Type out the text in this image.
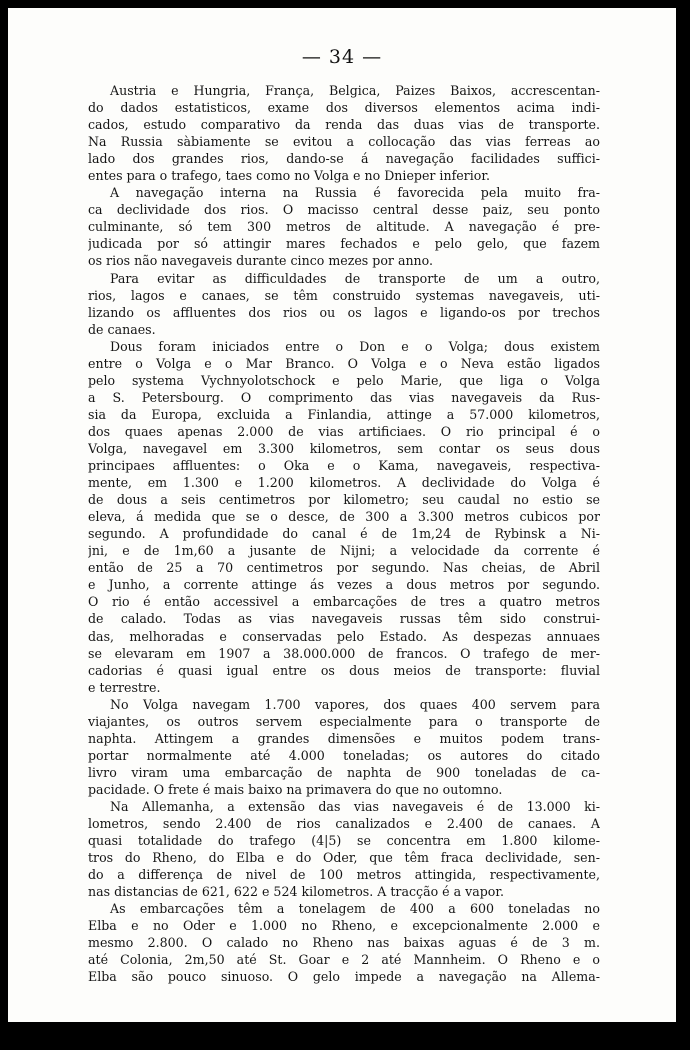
— 34 —
Austria e Hungria, França, Belgica, Paizes Baixos, accrescentan-
do dados estatisticos, exame dos diversos elementos acima indi-
cados, estudo comparativo da renda das duas vias de transporte.
Na Russia sàbiamente se evitou a collocação das vias ferreas ao
lado dos grandes rios, dando-se á navegação facilidades suffici-
entes para o trafego, taes como no Volga e no Dnieper inferior.
A navegação interna na Russia é favorecida pela muito fra-
ca declividade dos rios. O macisso central desse paiz, seu ponto
culminante, só tem 300 metros de altitude. A navegação é pre-
judicada por só attingir mares fechados e pelo gelo, que fazem
os rios não navegaveis durante cinco mezes por anno.
Para evitar as difficuldades de transporte de um a outro,
rios, lagos e canaes, se têm construido systemas navegaveis, uti-
lizando os affluentes dos rios ou os lagos e ligando-os por trechos
de canaes.
Dous foram iniciados entre o Don e o Volga; dous existem
entre o Volga e o Mar Branco. O Volga e o Neva estão ligados
pelo systema Vychnyolotschock e pelo Marie, que liga o Volga
a S. Petersbourg. O comprimento das vias navegaveis da Rus-
sia da Europa, excluida a Finlandia, attinge a 57.000 kilometros,
dos quaes apenas 2.000 de vias artificiaes. O rio principal é o
Volga, navegavel em 3.300 kilometros, sem contar os seus dous
principaes affluentes: o Oka e o Kama, navegaveis, respectiva-
mente, em 1.300 e 1.200 kilometros. A declividade do Volga é
de dous a seis centimetros por kilometro; seu caudal no estio se
eleva, á medida que se o desce, de 300 a 3.300 metros cubicos por
segundo. A profundidade do canal é de 1m,24 de Rybinsk a Ni-
jni, e de 1m,60 a jusante de Nijni; a velocidade da corrente é
então de 25 a 70 centimetros por segundo. Nas cheias, de Abril
e Junho, a corrente attinge ás vezes a dous metros por segundo.
O rio é então accessivel a embarcações de tres a quatro metros
de calado. Todas as vias navegaveis russas têm sido construi-
das, melhoradas e conservadas pelo Estado. As despezas annuaes
se elevaram em 1907 a 38.000.000 de francos. O trafego de mer-
cadorias é quasi igual entre os dous meios de transporte: fluvial
e terrestre.
No Volga navegam 1.700 vapores, dos quaes 400 servem para
viajantes, os outros servem especialmente para o transporte de
naphta. Attingem a grandes dimensões e muitos podem trans-
portar normalmente até 4.000 toneladas; os autores do citado
livro viram uma embarcação de naphta de 900 toneladas de ca-
pacidade. O frete é mais baixo na primavera do que no outomno.
Na Allemanha, a extensão das vias navegaveis é de 13.000 ki-
lometros, sendo 2.400 de rios canalizados e 2.400 de canaes. A
quasi totalidade do trafego (4|5) se concentra em 1.800 kilome-
tros do Rheno, do Elba e do Oder, que têm fraca declividade, sen-
do a differença de nivel de 100 metros attingida, respectivamente,
nas distancias de 621, 622 e 524 kilometros. A tracção é a vapor.
As embarcações têm a tonelagem de 400 a 600 toneladas no
Elba e no Oder e 1.000 no Rheno, e excepcionalmente 2.000 e
mesmo 2.800. O calado no Rheno nas baixas aguas é de 3 m.
até Colonia, 2m,50 até St. Goar e 2 até Mannheim. O Rheno e o
Elba são pouco sinuoso. O gelo impede a navegação na Allema-
